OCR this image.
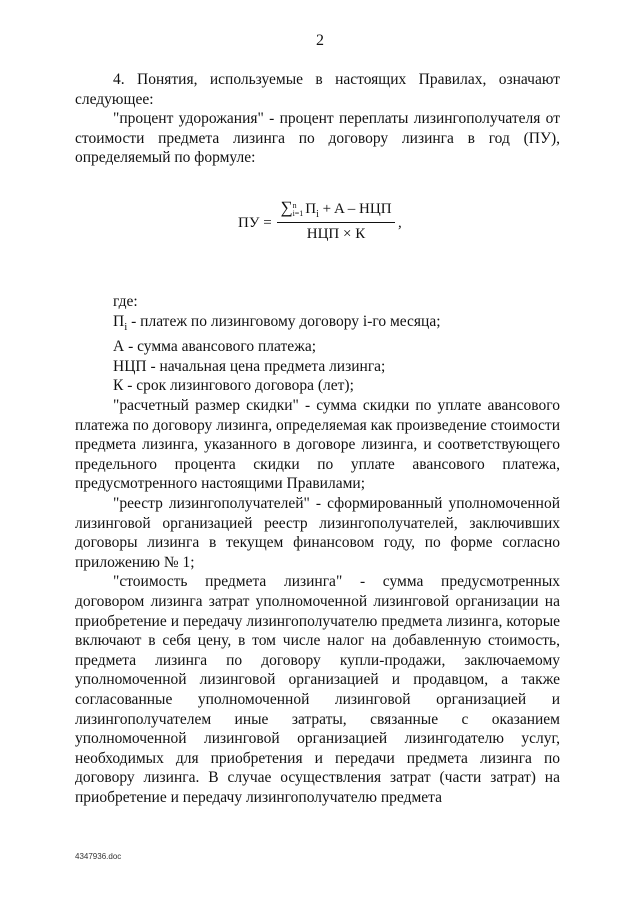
2

4. Понятия, используемые в настоящих Правилах, означают следующее:

"процент удорожания" - процент переплаты лизингополучателя от стоимости предмета лизинга по договору лизинга в год (ПУ), определяемый по формуле:

ПУ =
∑n
i=1 $П_i + A$ – НЦП
НЦП × К
,

где:

$П_i$ - платеж по лизинговому договору i-го месяца;

А - сумма авансового платежа;

НЦП - начальная цена предмета лизинга;

К - срок лизингового договора (лет);

"расчетный размер скидки" - сумма скидки по уплате авансового платежа по договору лизинга, определяемая как произведение стоимости предмета лизинга, указанного в договоре лизинга, и соответствующего предельного процента скидки по уплате авансового платежа, предусмотренного настоящими Правилами;

"реестр лизингополучателей" - сформированный уполномоченной лизинговой организацией реестр лизингополучателей, заключивших договоры лизинга в текущем финансовом году, по форме согласно приложению № 1;

"стоимость предмета лизинга" - сумма предусмотренных договором лизинга затрат уполномоченной лизинговой организации на приобретение и передачу лизингополучателю предмета лизинга, которые включают в себя цену, в том числе налог на добавленную стоимость, предмета лизинга по договору купли-продажи, заключаемому уполномоченной лизинговой организацией и продавцом, а также согласованные уполномоченной лизинговой организацией и лизингополучателем иные затраты, связанные с оказанием уполномоченной лизинговой организацией лизингодателю услуг, необходимых для приобретения и передачи предмета лизинга по договору лизинга. В случае осуществления затрат (части затрат) на приобретение и передачу лизингополучателю предмета

4347936.doc
